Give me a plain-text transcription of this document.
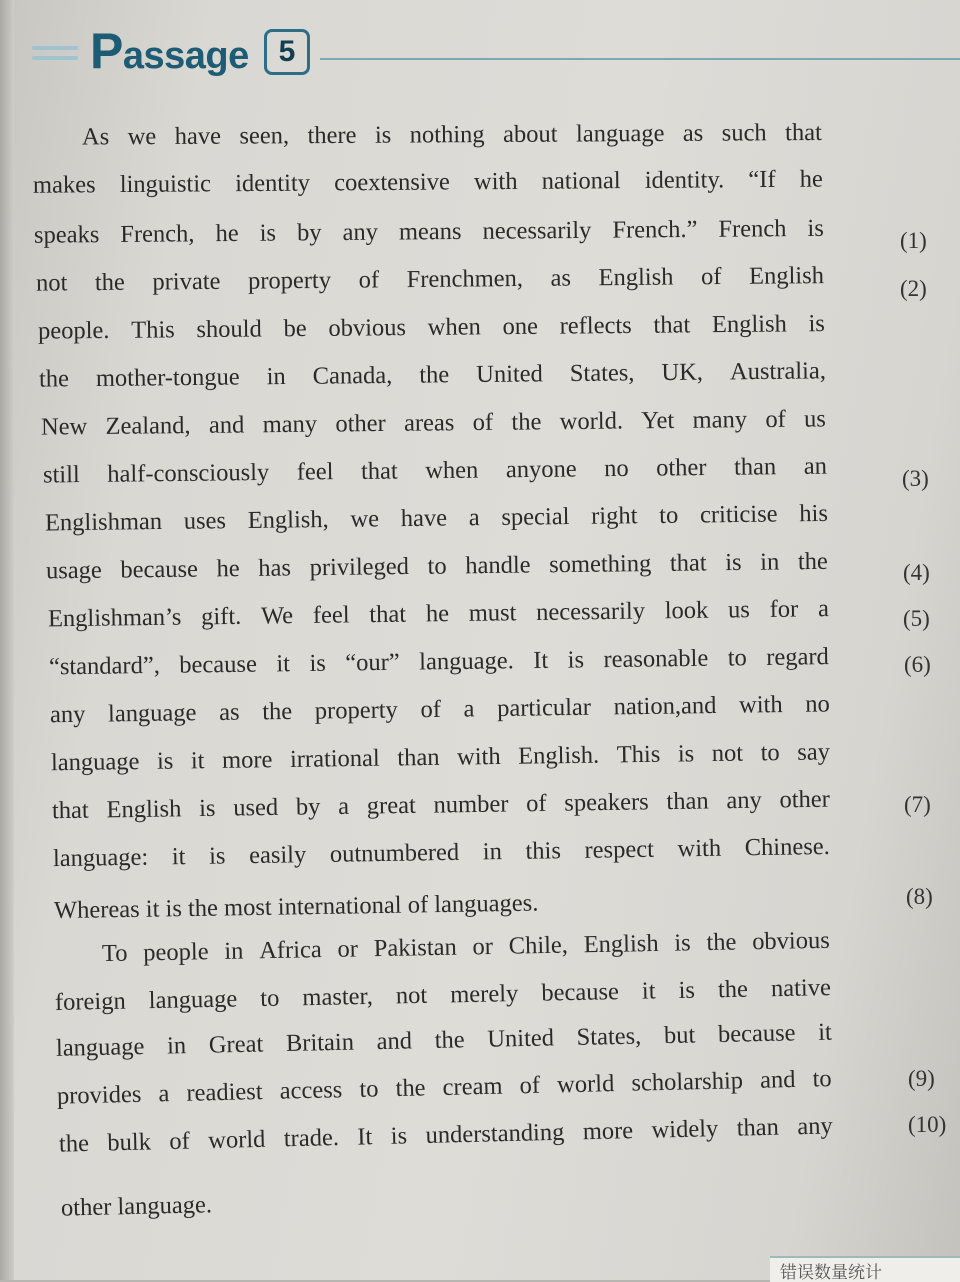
Passage 5
As we have seen, there is nothing about language as such that
makes linguistic identity coextensive with national identity. “If he
speaks French, he is by any means necessarily French.” French is
not the private property of Frenchmen, as English of English
people. This should be obvious when one reflects that English is
the mother-tongue in Canada, the United States, UK, Australia,
New Zealand, and many other areas of the world. Yet many of us
still half-consciously feel that when anyone no other than an
Englishman uses English, we have a special right to criticise his
usage because he has privileged to handle something that is in the
Englishman’s gift. We feel that he must necessarily look us for a
“standard”, because it is “our” language. It is reasonable to regard
any language as the property of a particular nation,and with no
language is it more irrational than with English. This is not to say
that English is used by a great number of speakers than any other
language: it is easily outnumbered in this respect with Chinese.
Whereas it is the most international of languages.
To people in Africa or Pakistan or Chile, English is the obvious
foreign language to master, not merely because it is the native
language in Great Britain and the United States, but because it
provides a readiest access to the cream of world scholarship and to
the bulk of world trade. It is understanding more widely than any
other language.
(1)
(2)
(3)
(4)
(5)
(6)
(7)
(8)
(9)
(10)
错误数量统计
